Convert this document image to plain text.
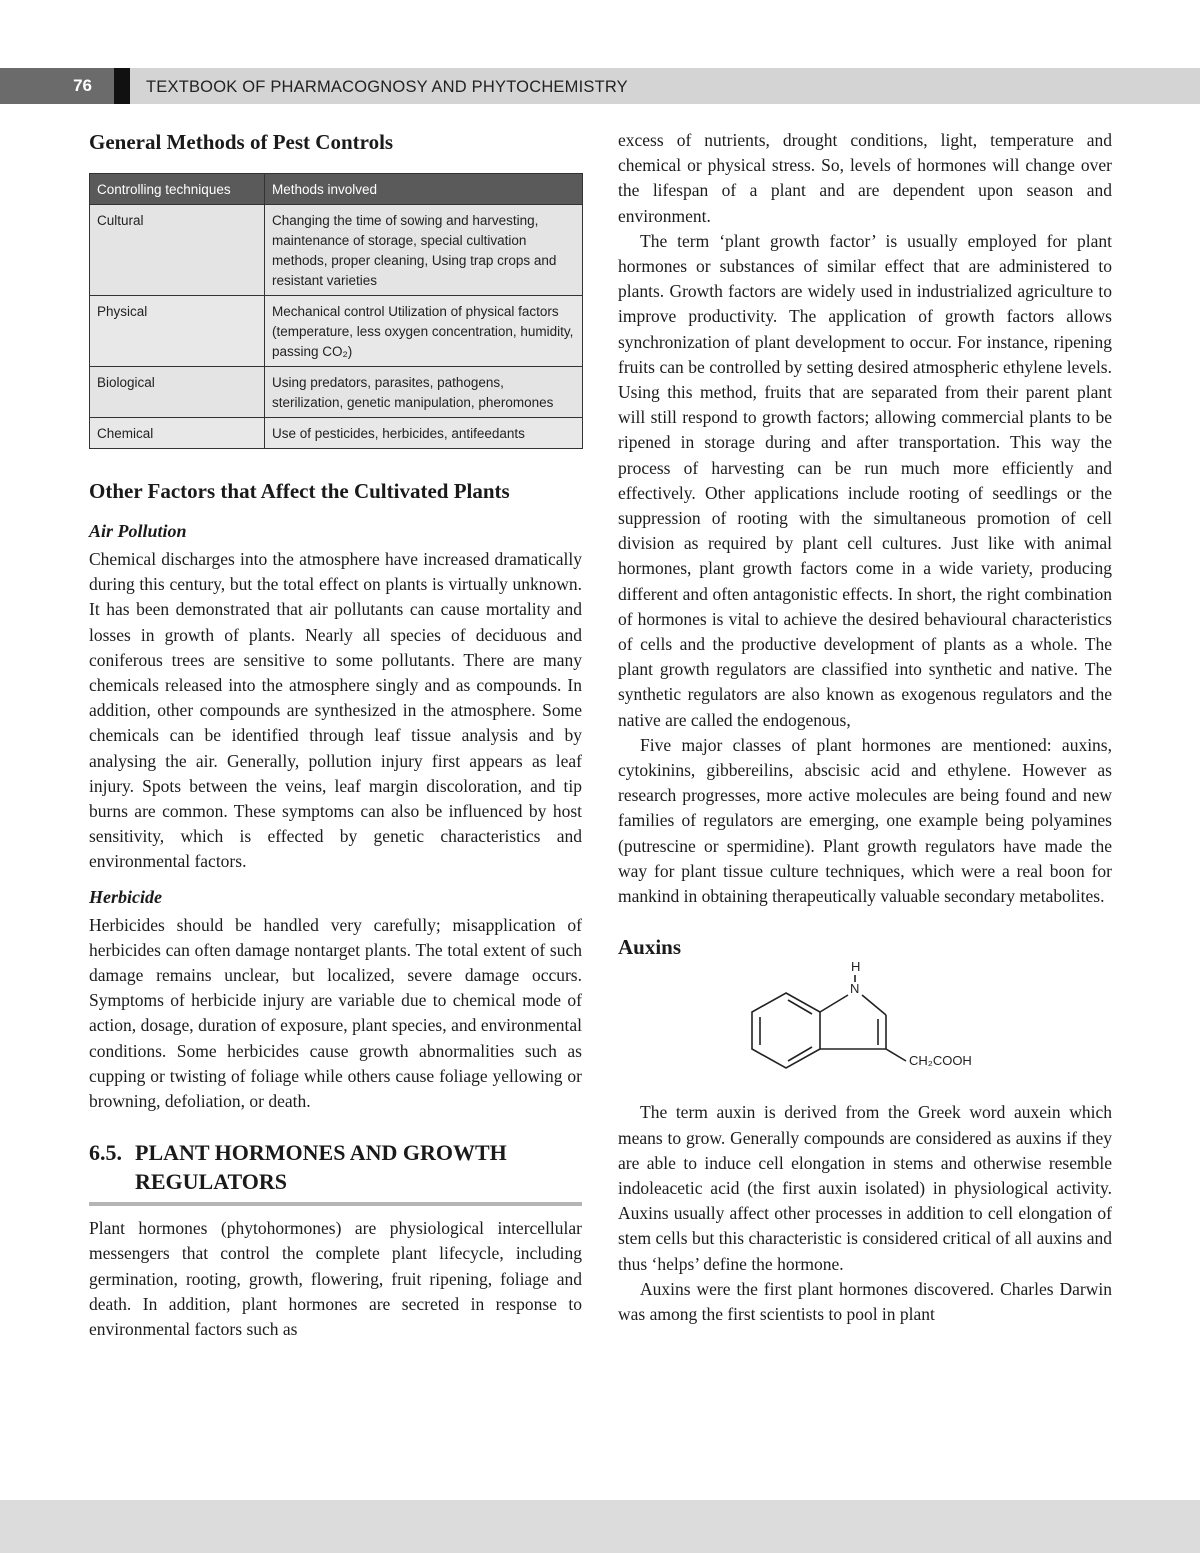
76	TEXTBOOK OF PHARMACOGNOSY AND PHYTOCHEMISTRY
General Methods of Pest Controls
Controlling techniques	Methods involved
Cultural	Changing the time of sowing and harvesting, maintenance of storage, special cultivation methods, proper cleaning, Using trap crops and resistant varieties
Physical	Mechanical control Utilization of physical factors (temperature, less oxygen concentration, humidity, passing CO₂)
Biological	Using predators, parasites, pathogens, sterilization, genetic manipulation, pheromones
Chemical	Use of pesticides, herbicides, antifeedants
Other Factors that Affect the Cultivated Plants
Air Pollution

Chemical discharges into the atmosphere have increased dramatically during this century, but the total effect on plants is virtually unknown. It has been demonstrated that air pollutants can cause mortality and losses in growth of plants. Nearly all species of deciduous and coniferous trees are sensitive to some pollutants. There are many chemicals released into the atmosphere singly and as compounds. In addition, other compounds are synthesized in the atmosphere. Some chemicals can be identified through leaf tissue analysis and by analysing the air. Generally, pollution injury first appears as leaf injury. Spots between the veins, leaf margin discoloration, and tip burns are common. These symptoms can also be influenced by host sensitivity, which is effected by genetic characteristics and environmental factors.

Herbicide

Herbicides should be handled very carefully; misapplication of herbicides can often damage nontarget plants. The total extent of such damage remains unclear, but localized, severe damage occurs. Symptoms of herbicide injury are variable due to chemical mode of action, dosage, duration of exposure, plant species, and environmental conditions. Some herbicides cause growth abnormalities such as cupping or twisting of foliage while others cause foliage yellowing or browning, defoliation, or death.

6.5. PLANT HORMONES AND GROWTH
REGULATORS

Plant hormones (phytohormones) are physiological intercellular messengers that control the complete plant lifecycle, including germination, rooting, growth, flowering, fruit ripening, foliage and death. In addition, plant hormones are secreted in response to environmental factors such as

excess of nutrients, drought conditions, light, temperature and chemical or physical stress. So, levels of hormones will change over the lifespan of a plant and are dependent upon season and environment.

The term ‘plant growth factor’ is usually employed for plant hormones or substances of similar effect that are administered to plants. Growth factors are widely used in industrialized agriculture to improve productivity. The application of growth factors allows synchronization of plant development to occur. For instance, ripening fruits can be controlled by setting desired atmospheric ethylene levels. Using this method, fruits that are separated from their parent plant will still respond to growth factors; allowing commercial plants to be ripened in storage during and after transportation. This way the process of harvesting can be run much more efficiently and effectively. Other applications include rooting of seedlings or the suppression of rooting with the simultaneous promotion of cell division as required by plant cell cultures. Just like with animal hormones, plant growth factors come in a wide variety, producing different and often antagonistic effects. In short, the right combination of hormones is vital to achieve the desired behavioural characteristics of cells and the productive development of plants as a whole. The plant growth regulators are classified into synthetic and native. The synthetic regulators are also known as exogenous regulators and the native are called the endogenous,

Five major classes of plant hormones are mentioned: auxins, cytokinins, gibbereilins, abscisic acid and ethylene. However as research progresses, more active molecules are being found and new families of regulators are emerging, one example being polyamines (putrescine or spermidine). Plant growth regulators have made the way for plant tissue culture techniques, which were a real boon for mankind in obtaining therapeutically valuable secondary metabolites.

Auxins
H
N
CH₂COOH

The term auxin is derived from the Greek word auxein which means to grow. Generally compounds are considered as auxins if they are able to induce cell elongation in stems and otherwise resemble indoleacetic acid (the first auxin isolated) in physiological activity. Auxins usually affect other processes in addition to cell elongation of stem cells but this characteristic is considered critical of all auxins and thus ‘helps’ define the hormone.

Auxins were the first plant hormones discovered. Charles Darwin was among the first scientists to pool in plant
